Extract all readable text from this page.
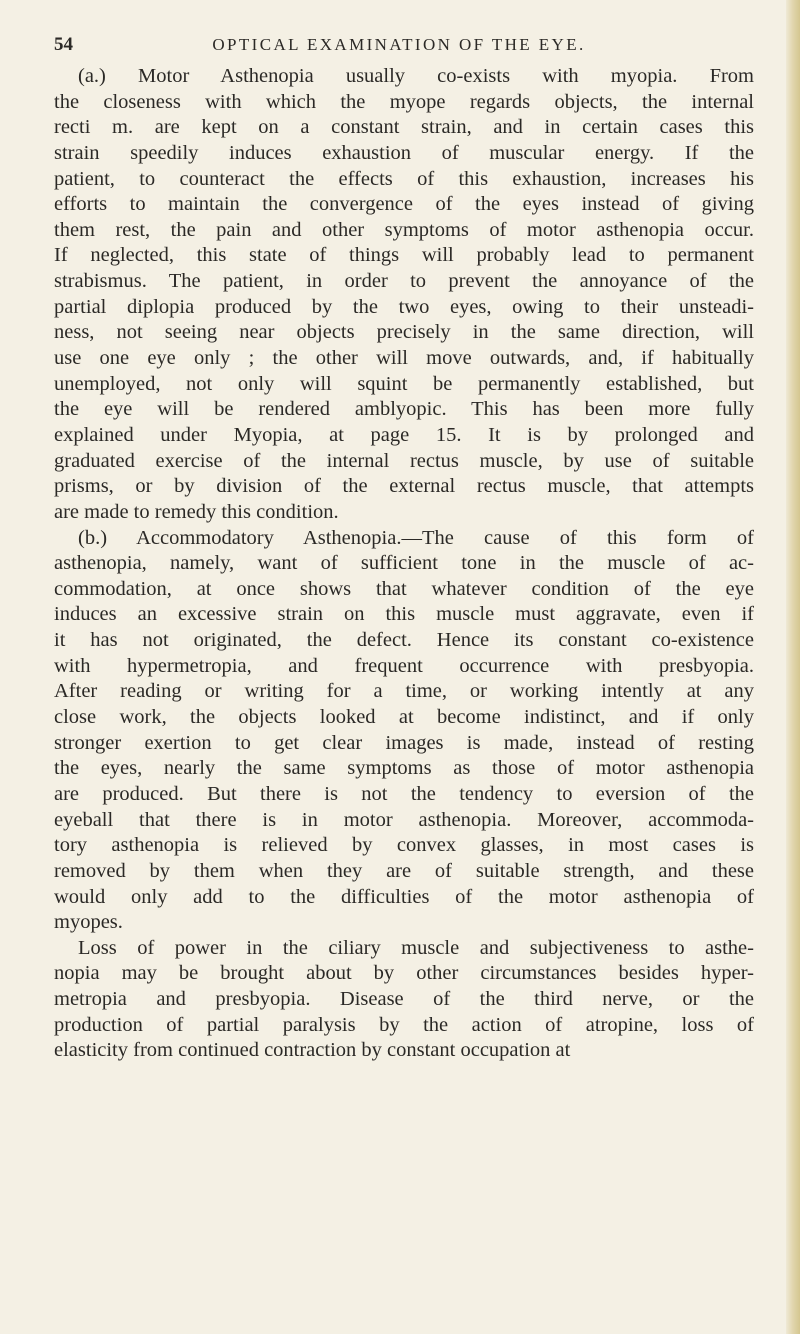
54	OPTICAL EXAMINATION OF THE EYE.
(a.) Motor Asthenopia usually co-exists with myopia. From
the closeness with which the myope regards objects, the internal
recti m. are kept on a constant strain, and in certain cases this
strain speedily induces exhaustion of muscular energy. If the
patient, to counteract the effects of this exhaustion, increases his
efforts to maintain the convergence of the eyes instead of giving
them rest, the pain and other symptoms of motor asthenopia occur.
If neglected, this state of things will probably lead to permanent
strabismus. The patient, in order to prevent the annoyance of the
partial diplopia produced by the two eyes, owing to their unsteadi-
ness, not seeing near objects precisely in the same direction, will
use one eye only ; the other will move outwards, and, if habitually
unemployed, not only will squint be permanently established, but
the eye will be rendered amblyopic. This has been more fully
explained under Myopia, at page 15. It is by prolonged and
graduated exercise of the internal rectus muscle, by use of suitable
prisms, or by division of the external rectus muscle, that attempts
are made to remedy this condition.
(b.) Accommodatory Asthenopia.—The cause of this form of
asthenopia, namely, want of sufficient tone in the muscle of ac-
commodation, at once shows that whatever condition of the eye
induces an excessive strain on this muscle must aggravate, even if
it has not originated, the defect. Hence its constant co-existence
with hypermetropia, and frequent occurrence with presbyopia.
After reading or writing for a time, or working intently at any
close work, the objects looked at become indistinct, and if only
stronger exertion to get clear images is made, instead of resting
the eyes, nearly the same symptoms as those of motor asthenopia
are produced. But there is not the tendency to eversion of the
eyeball that there is in motor asthenopia. Moreover, accommoda-
tory asthenopia is relieved by convex glasses, in most cases is
removed by them when they are of suitable strength, and these
would only add to the difficulties of the motor asthenopia of
myopes.
Loss of power in the ciliary muscle and subjectiveness to asthe-
nopia may be brought about by other circumstances besides hyper-
metropia and presbyopia. Disease of the third nerve, or the
production of partial paralysis by the action of atropine, loss of
elasticity from continued contraction by constant occupation at
